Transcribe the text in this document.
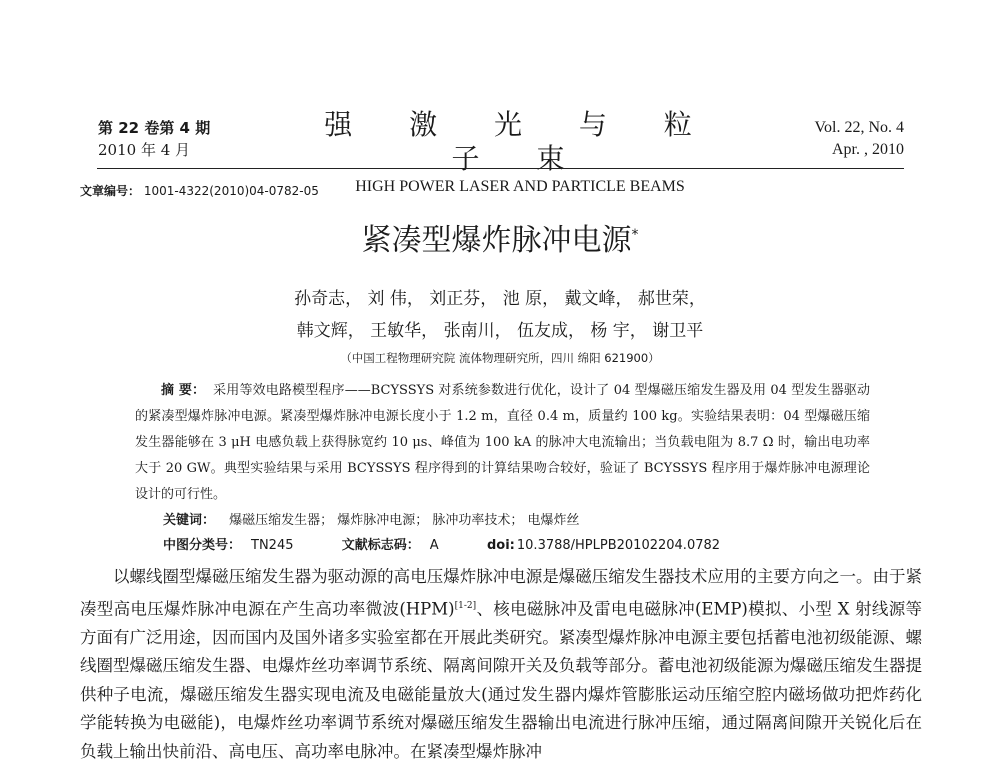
第 22 卷第 4 期
2010 年 4 月
强 激 光 与 粒 子 束
HIGH POWER LASER AND PARTICLE BEAMS
Vol. 22, No. 4
Apr. , 2010
文章编号： 1001-4322(2010)04-0782-05
紧凑型爆炸脉冲电源*
孙奇志， 刘 伟， 刘正芬， 池 原， 戴文峰， 郝世荣，
韩文辉， 王敏华， 张南川， 伍友成， 杨 宇， 谢卫平
（中国工程物理研究院 流体物理研究所，四川 绵阳 621900）
摘 要： 采用等效电路模型程序——BCYSSYS 对系统参数进行优化，设计了 04 型爆磁压缩发生器及用 04 型发生器驱动的紧凑型爆炸脉冲电源。紧凑型爆炸脉冲电源长度小于 1.2 m，直径 0.4 m，质量约 100 kg。实验结果表明：04 型爆磁压缩发生器能够在 3 μH 电感负载上获得脉宽约 10 μs、峰值为 100 kA 的脉冲大电流输出；当负载电阻为 8.7 Ω 时，输出电功率大于 20 GW。典型实验结果与采用 BCYSSYS 程序得到的计算结果吻合较好，验证了 BCYSSYS 程序用于爆炸脉冲电源理论设计的可行性。
关键词： 爆磁压缩发生器； 爆炸脉冲电源； 脉冲功率技术； 电爆炸丝
中图分类号： TN245	文献标志码： A	doi: 10.3788/HPLPB20102204.0782
以螺线圈型爆磁压缩发生器为驱动源的高电压爆炸脉冲电源是爆磁压缩发生器技术应用的主要方向之一。由于紧凑型高电压爆炸脉冲电源在产生高功率微波(HPM)[1-2]、核电磁脉冲及雷电电磁脉冲(EMP)模拟、小型 X 射线源等方面有广泛用途，因而国内及国外诸多实验室都在开展此类研究。紧凑型爆炸脉冲电源主要包括蓄电池初级能源、螺线圈型爆磁压缩发生器、电爆炸丝功率调节系统、隔离间隙开关及负载等部分。蓄电池初级能源为爆磁压缩发生器提供种子电流，爆磁压缩发生器实现电流及电磁能量放大(通过发生器内爆炸管膨胀运动压缩空腔内磁场做功把炸药化学能转换为电磁能)，电爆炸丝功率调节系统对爆磁压缩发生器输出电流进行脉冲压缩，通过隔离间隙开关锐化后在负载上输出快前沿、高电压、高功率电脉冲。在紧凑型爆炸脉冲
